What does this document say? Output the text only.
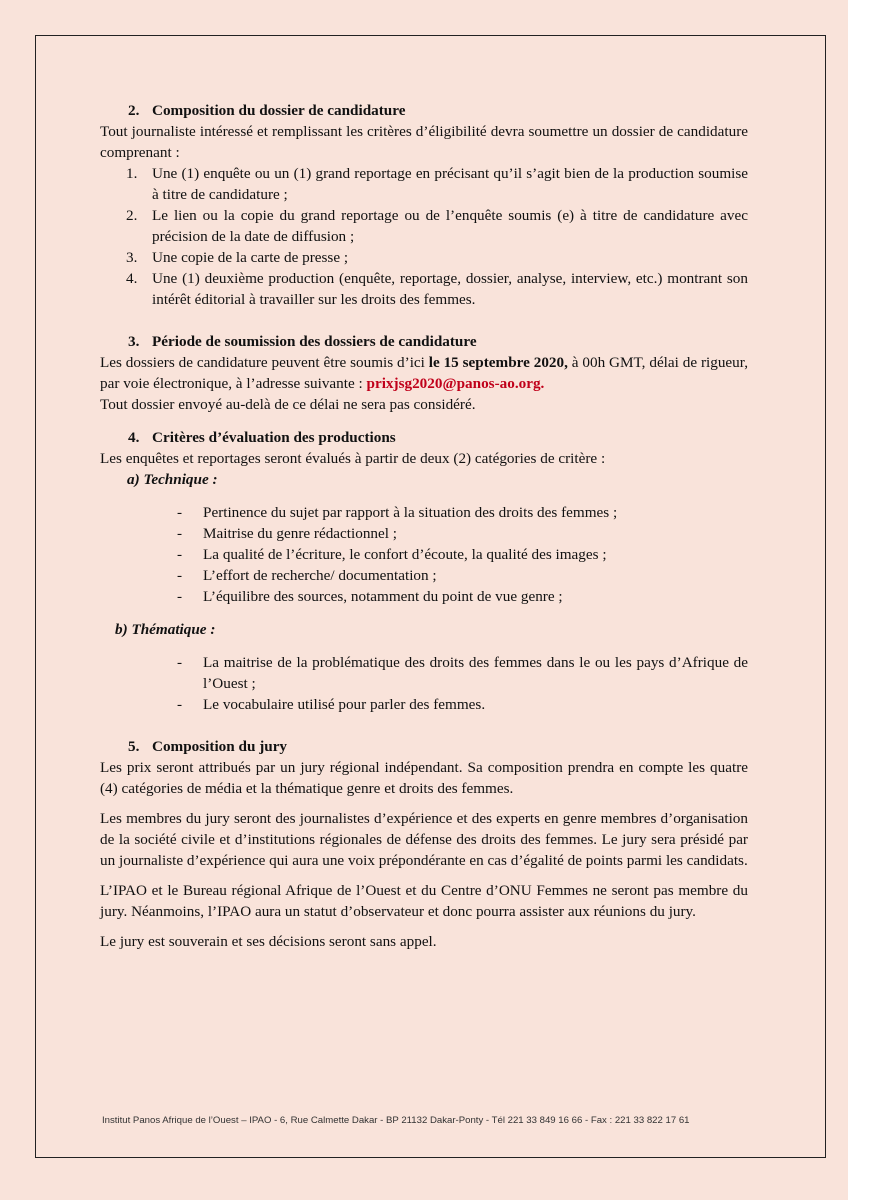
2. Composition du dossier de candidature

Tout journaliste intéressé et remplissant les critères d’éligibilité devra soumettre un dossier de candidature comprenant :

1. Une (1) enquête ou un (1) grand reportage en précisant qu’il s’agit bien de la production soumise à titre de candidature ;
2. Le lien ou la copie du grand reportage ou de l’enquête soumis (e) à titre de candidature avec précision de la date de diffusion ;
3. Une copie de la carte de presse ;
4. Une (1) deuxième production (enquête, reportage, dossier, analyse, interview, etc.) montrant son intérêt éditorial à travailler sur les droits des femmes.
3. Période de soumission des dossiers de candidature

Les dossiers de candidature peuvent être soumis d’ici le 15 septembre 2020, à 00h GMT, délai de rigueur, par voie électronique, à l’adresse suivante : prixjsg2020@panos-ao.org.

Tout dossier envoyé au-delà de ce délai ne sera pas considéré.

4. Critères d’évaluation des productions

Les enquêtes et reportages seront évalués à partir de deux (2) catégories de critère :

a) Technique :

- Pertinence du sujet par rapport à la situation des droits des femmes ;
- Maitrise du genre rédactionnel ;
- La qualité de l’écriture, le confort d’écoute, la qualité des images ;
- L’effort de recherche/ documentation ;
- L’équilibre des sources, notamment du point de vue genre ;

b) Thématique :

- La maitrise de la problématique des droits des femmes dans le ou les pays d’Afrique de l’Ouest ;
- Le vocabulaire utilisé pour parler des femmes.
5. Composition du jury

Les prix seront attribués par un jury régional indépendant. Sa composition prendra en compte les quatre (4) catégories de média et la thématique genre et droits des femmes.

Les membres du jury seront des journalistes d’expérience et des experts en genre membres d’organisation de la société civile et d’institutions régionales de défense des droits des femmes. Le jury sera présidé par un journaliste d’expérience qui aura une voix prépondérante en cas d’égalité de points parmi les candidats.

L’IPAO et le Bureau régional Afrique de l’Ouest et du Centre d’ONU Femmes ne seront pas membre du jury. Néanmoins, l’IPAO aura un statut d’observateur et donc pourra assister aux réunions du jury.

Le jury est souverain et ses décisions seront sans appel.

Institut Panos Afrique de l’Ouest – IPAO - 6, Rue Calmette Dakar - BP 21132 Dakar-Ponty - Tél 221 33 849 16 66 - Fax : 221 33 822 17 61
